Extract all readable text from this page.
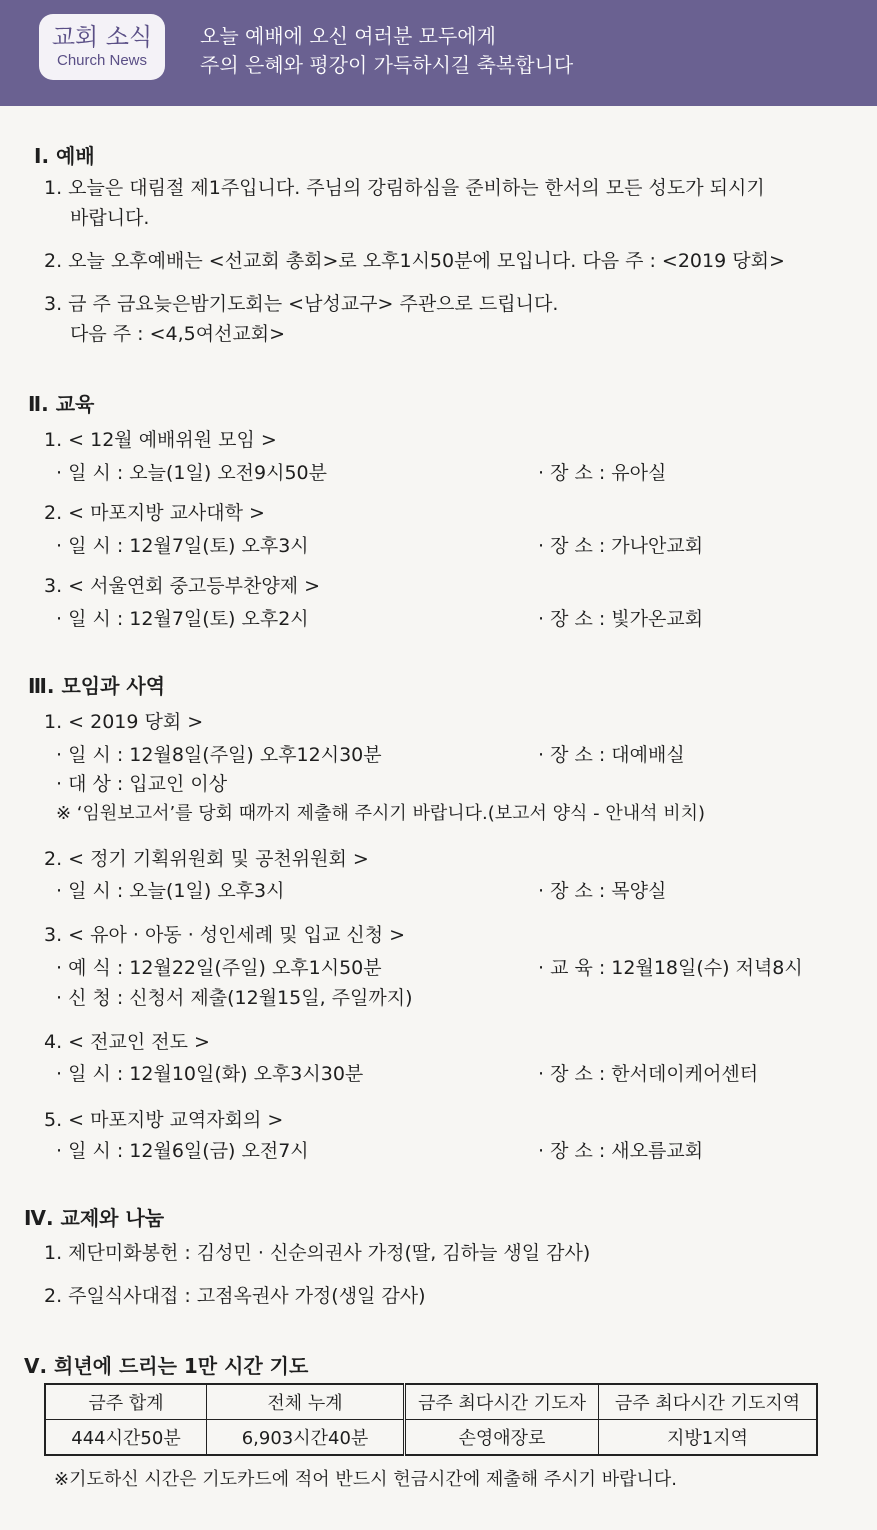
교회 소식
Church News
오늘 예배에 오신 여러분 모두에게
주의 은혜와 평강이 가득하시길 축복합니다
Ⅰ. 예배
1. 오늘은 대림절 제1주입니다. 주님의 강림하심을 준비하는 한서의 모든 성도가 되시기
바랍니다.
2. 오늘 오후예배는 <선교회 총회>로 오후1시50분에 모입니다. 다음 주 : <2019 당회>
3. 금 주 금요늦은밤기도회는 <남성교구> 주관으로 드립니다.
다음 주 : <4,5여선교회>
Ⅱ. 교육
1. < 12월 예배위원 모임 >
· 일 시 : 오늘(1일) 오전9시50분	· 장 소 : 유아실
2. < 마포지방 교사대학 >
· 일 시 : 12월7일(토) 오후3시	· 장 소 : 가나안교회
3. < 서울연회 중고등부찬양제 >
· 일 시 : 12월7일(토) 오후2시	· 장 소 : 빛가온교회
Ⅲ. 모임과 사역
1. < 2019 당회 >
· 일 시 : 12월8일(주일) 오후12시30분	· 장 소 : 대예배실
· 대 상 : 입교인 이상
※ ‘임원보고서’를 당회 때까지 제출해 주시기 바랍니다.(보고서 양식 - 안내석 비치)
2. < 정기 기획위원회 및 공천위원회 >
· 일 시 : 오늘(1일) 오후3시	· 장 소 : 목양실
3. < 유아 · 아동 · 성인세례 및 입교 신청 >
· 예 식 : 12월22일(주일) 오후1시50분	· 교 육 : 12월18일(수) 저녁8시
· 신 청 : 신청서 제출(12월15일, 주일까지)
4. < 전교인 전도 >
· 일 시 : 12월10일(화) 오후3시30분	· 장 소 : 한서데이케어센터
5. < 마포지방 교역자회의 >
· 일 시 : 12월6일(금) 오전7시	· 장 소 : 새오름교회
Ⅳ. 교제와 나눔
1. 제단미화봉헌 : 김성민 · 신순의권사 가정(딸, 김하늘 생일 감사)
2. 주일식사대접 : 고점옥권사 가정(생일 감사)
Ⅴ. 희년에 드리는 1만 시간 기도
금주 합계	전체 누계	금주 최다시간 기도자	금주 최다시간 기도지역
444시간50분	6,903시간40분	손영애장로	지방1지역
※기도하신 시간은 기도카드에 적어 반드시 헌금시간에 제출해 주시기 바랍니다.
